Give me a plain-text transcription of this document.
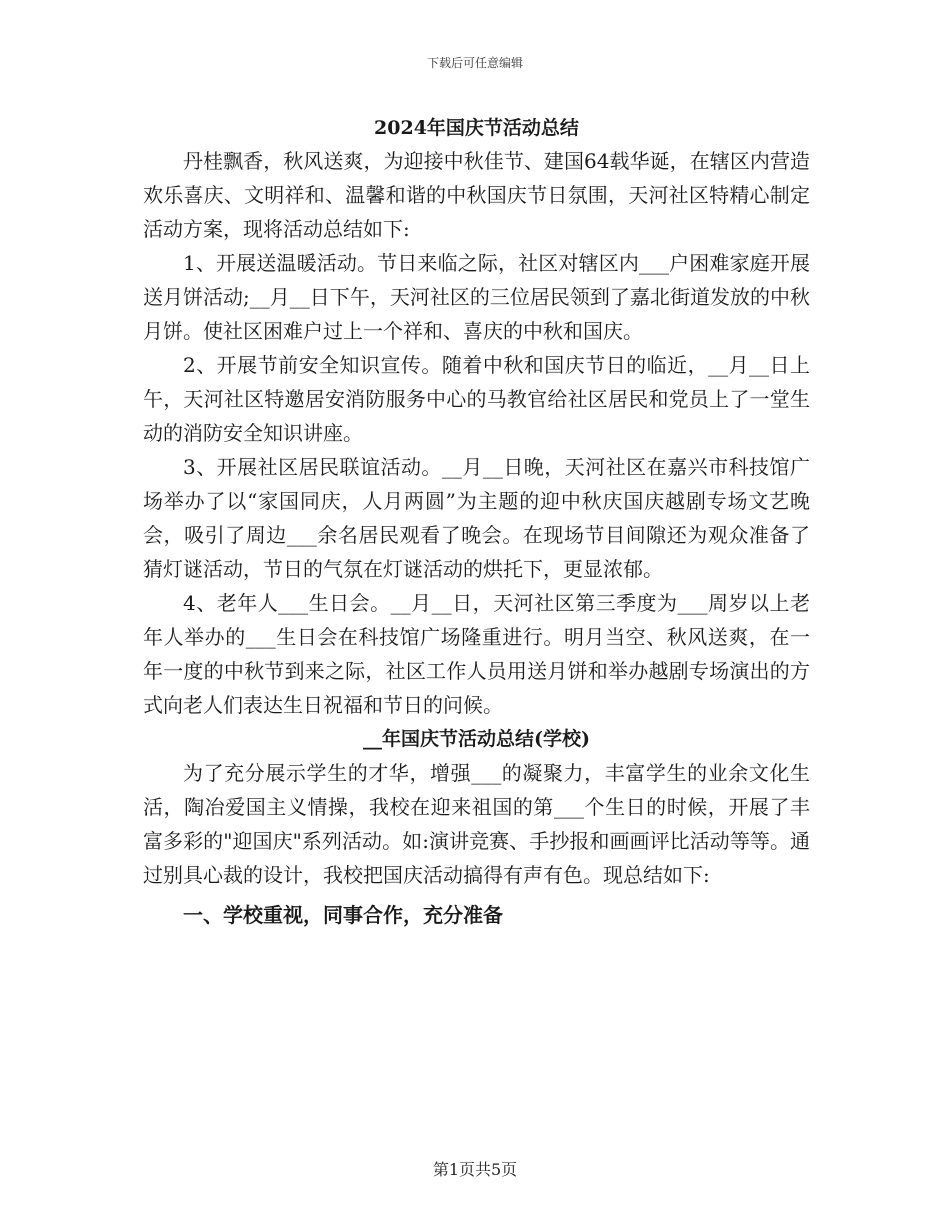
下载后可任意编辑
2024年国庆节活动总结

丹桂飘香，秋风送爽，为迎接中秋佳节、建国64载华诞，在辖区内营造欢乐喜庆、文明祥和、温馨和谐的中秋国庆节日氛围，天河社区特精心制定活动方案，现将活动总结如下:

1、开展送温暖活动。节日来临之际，社区对辖区内___户困难家庭开展送月饼活动;__月__日下午，天河社区的三位居民领到了嘉北街道发放的中秋月饼。使社区困难户过上一个祥和、喜庆的中秋和国庆。

2、开展节前安全知识宣传。随着中秋和国庆节日的临近，__月__日上午，天河社区特邀居安消防服务中心的马教官给社区居民和党员上了一堂生动的消防安全知识讲座。

3、开展社区居民联谊活动。__月__日晚，天河社区在嘉兴市科技馆广场举办了以“家国同庆，人月两圆”为主题的迎中秋庆国庆越剧专场文艺晚会，吸引了周边___余名居民观看了晚会。在现场节目间隙还为观众准备了猜灯谜活动，节日的气氛在灯谜活动的烘托下，更显浓郁。

4、老年人___生日会。__月__日，天河社区第三季度为___周岁以上老年人举办的___生日会在科技馆广场隆重进行。明月当空、秋风送爽，在一年一度的中秋节到来之际，社区工作人员用送月饼和举办越剧专场演出的方式向老人们表达生日祝福和节日的问候。

__年国庆节活动总结(学校)

为了充分展示学生的才华，增强___的凝聚力，丰富学生的业余文化生活，陶冶爱国主义情操，我校在迎来祖国的第___个生日的时候，开展了丰富多彩的"迎国庆"系列活动。如:演讲竞赛、手抄报和画画评比活动等等。通过别具心裁的设计，我校把国庆活动搞得有声有色。现总结如下:

一、学校重视，同事合作，充分准备

第1页共5页
